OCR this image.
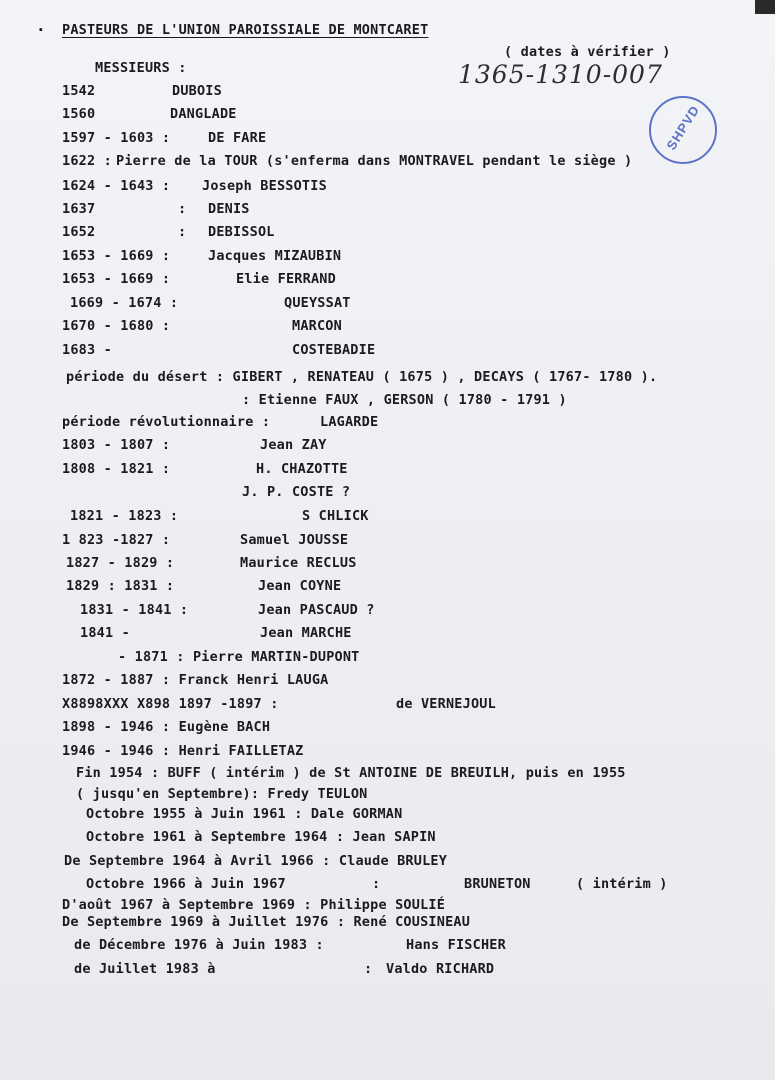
· PASTEURS DE L'UNION PAROISSIALE DE MONTCARET
( dates à vérifier )
1365-1310-007
SHPVD
MESSIEURS :
1542	DUBOIS
1560	DANGLADE
1597 - 1603 :	DE FARE
1622 : Pierre de la TOUR (s'enferma dans MONTRAVEL pendant le siège )
1624 - 1643 : Joseph BESSOTIS
1637	: DENIS
1652	: DEBISSOL
1653 - 1669 :	Jacques MIZAUBIN
1653 - 1669 :	Elie FERRAND
1669 - 1674 :	QUEYSSAT
1670 - 1680 :	MARCON
1683 -	COSTEBADIE
période du désert : GIBERT , RENATEAU ( 1675 ) , DECAYS ( 1767- 1780 ).
: Etienne FAUX , GERSON ( 1780 - 1791 )
période révolutionnaire :	LAGARDE
1803 - 1807 :	Jean ZAY
1808 - 1821 :	H. CHAZOTTE
J. P. COSTE ?
1821 - 1823 :	S CHLICK
1 823 -1827 :	Samuel JOUSSE
1827 - 1829 :	Maurice RECLUS
1829 : 1831 :	Jean COYNE
1831 - 1841 :	Jean PASCAUD ?
1841 -	Jean MARCHE
- 1871 : Pierre MARTIN-DUPONT
1872 - 1887 : Franck Henri LAUGA
X8898XXX X898 1897 -1897 :	de VERNEJOUL
1898 - 1946 : Eugène BACH
1946 - 1946 : Henri FAILLETAZ
Fin 1954 : BUFF ( intérim ) de St ANTOINE DE BREUILH, puis en 1955
( jusqu'en Septembre): Fredy TEULON
Octobre 1955 à Juin 1961 : Dale GORMAN
Octobre 1961 à Septembre 1964 : Jean SAPIN
De Septembre 1964 à Avril 1966 : Claude BRULEY
Octobre 1966 à Juin 1967	:	BRUNETON	( intérim )
D'août 1967 à Septembre 1969 : Philippe SOULIÉ
De Septembre 1969 à Juillet 1976 : René COUSINEAU
de Décembre 1976 à Juin 1983 :	Hans FISCHER
de Juillet 1983 à	: Valdo RICHARD
